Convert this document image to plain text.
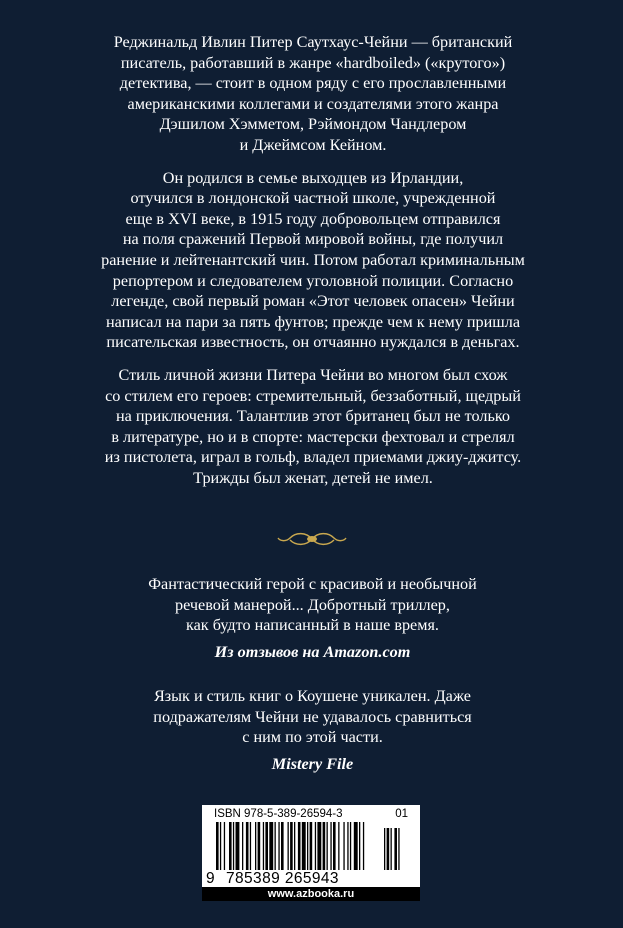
Реджинальд Ивлин Питер Саутхаус-Чейни — британский
писатель, работавший в жанре «hardboiled» («крутого»)
детектива, — стоит в одном ряду с его прославленными
американскими коллегами и создателями этого жанра
Дэшилом Хэмметом, Рэймондом Чандлером
и Джеймсом Кейном.

Он родился в семье выходцев из Ирландии,
отучился в лондонской частной школе, учрежденной
еще в XVI веке, в 1915 году добровольцем отправился
на поля сражений Первой мировой войны, где получил
ранение и лейтенантский чин. Потом работал криминальным
репортером и следователем уголовной полиции. Согласно
легенде, свой первый роман «Этот человек опасен» Чейни
написал на пари за пять фунтов; прежде чем к нему пришла
писательская известность, он отчаянно нуждался в деньгах.

Стиль личной жизни Питера Чейни во многом был схож
со стилем его героев: стремительный, беззаботный, щедрый
на приключения. Талантлив этот британец был не только
в литературе, но и в спорте: мастерски фехтовал и стрелял
из пистолета, играл в гольф, владел приемами джиу-джитсу.
Трижды был женат, детей не имел.

Фантастический герой с красивой и необычной
речевой манерой... Добротный триллер,
как будто написанный в наше время.
Из отзывов на Amazon.com
Язык и стиль книг о Коушене уникален. Даже
подражателям Чейни не удавалось сравниться
с ним по этой части.
Mistery File
ISBN 978-5-389-26594-3	01
9 785389 265943
www.azbooka.ru
